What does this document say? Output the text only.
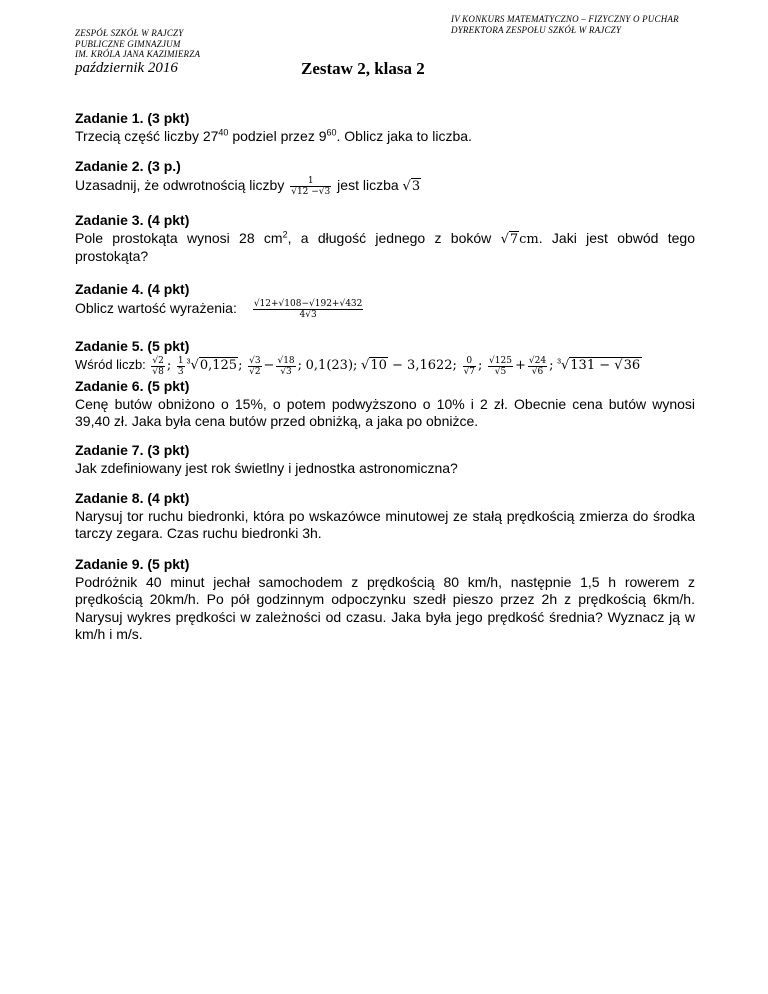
ZESPÓŁ SZKÓŁ W RAJCZY
PUBLICZNE GIMNAZJUM
IM. KRÓLA JANA KAZIMIERZA
IV KONKURS MATEMATYCZNO – FIZYCZNY O PUCHAR
DYREKTORA ZESPOŁU SZKÓŁ W RAJCZY
październik 2016	Zestaw 2, klasa 2
Zadanie 1. (3 pkt)
Trzecią część liczby $27^{40}$ podziel przez $9^{60}$. Oblicz jaka to liczba.
Zadanie 2. (3 p.)
Uzasadnij, że odwrotnością liczby $\frac{1}{√12 -√3}$ jest liczba √3
Zadanie 3. (4 pkt)
Pole prostokąta wynosi 28 $cm^2$, a długość jednego z boków √7cm. Jaki jest obwód tego prostokąta?
Zadanie 4. (4 pkt)
Oblicz wartość wyrażenia: $\frac{√12+√108-√192+√432}{4√3}$
Zadanie 5. (5 pkt)
Wśród liczb: $\frac{√2}{√8}$ ; $\frac{1}{3} ^3√0,125$; $\frac{√3}{√2} - \frac{√18}{√3}$ ; 0,1(23); √10 − 3,1622; $\frac{0}{√7}$ ; $\frac{√125}{√5} + \frac{√24}{√6}$ ; $^3$√131 − √36
Zadanie 6. (5 pkt)
Cenę butów obniżono o 15%, o potem podwyższono o 10% i 2 zł. Obecnie cena butów wynosi 39,40 zł. Jaka była cena butów przed obniżką, a jaka po obniżce.
Zadanie 7. (3 pkt)
Jak zdefiniowany jest rok świetlny i jednostka astronomiczna?
Zadanie 8. (4 pkt)
Narysuj tor ruchu biedronki, która po wskazówce minutowej ze stałą prędkością zmierza do środka tarczy zegara. Czas ruchu biedronki 3h.
Zadanie 9. (5 pkt)
Podróżnik 40 minut jechał samochodem z prędkością 80 km/h, następnie 1,5 h rowerem z prędkością 20km/h. Po pół godzinnym odpoczynku szedł pieszo przez 2h z prędkością 6km/h. Narysuj wykres prędkości w zależności od czasu. Jaka była jego prędkość średnia? Wyznacz ją w km/h i m/s.
